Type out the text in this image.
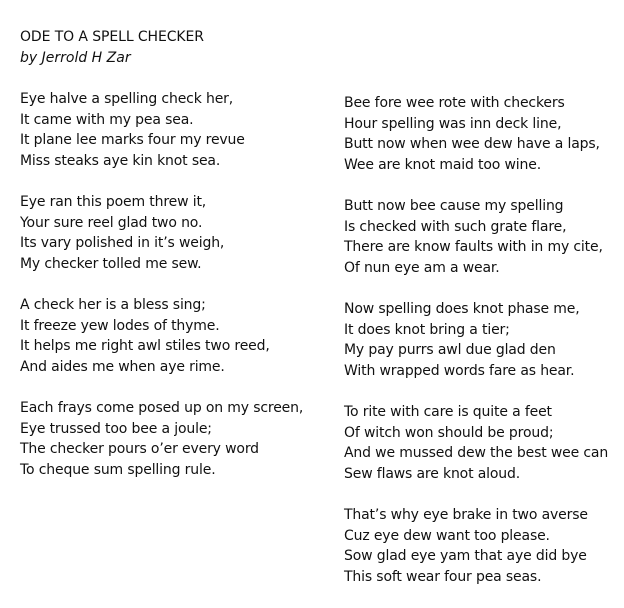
ODE TO A SPELL CHECKER
by Jerrold H Zar
Eye halve a spelling check her,
It came with my pea sea.
It plane lee marks four my revue
Miss steaks aye kin knot sea.
Eye ran this poem threw it,
Your sure reel glad two no.
Its vary polished in it’s weigh,
My checker tolled me sew.
A check her is a bless sing;
It freeze yew lodes of thyme.
It helps me right awl stiles two reed,
And aides me when aye rime.
Each frays come posed up on my screen,
Eye trussed too bee a joule;
The checker pours o’er every word
To cheque sum spelling rule.
Bee fore wee rote with checkers
Hour spelling was inn deck line,
Butt now when wee dew have a laps,
Wee are knot maid too wine.
Butt now bee cause my spelling
Is checked with such grate flare,
There are know faults with in my cite,
Of nun eye am a wear.
Now spelling does knot phase me,
It does knot bring a tier;
My pay purrs awl due glad den
With wrapped words fare as hear.
To rite with care is quite a feet
Of witch won should be proud;
And we mussed dew the best wee can
Sew flaws are knot aloud.
That’s why eye brake in two averse
Cuz eye dew want too please.
Sow glad eye yam that aye did bye
This soft wear four pea seas.
